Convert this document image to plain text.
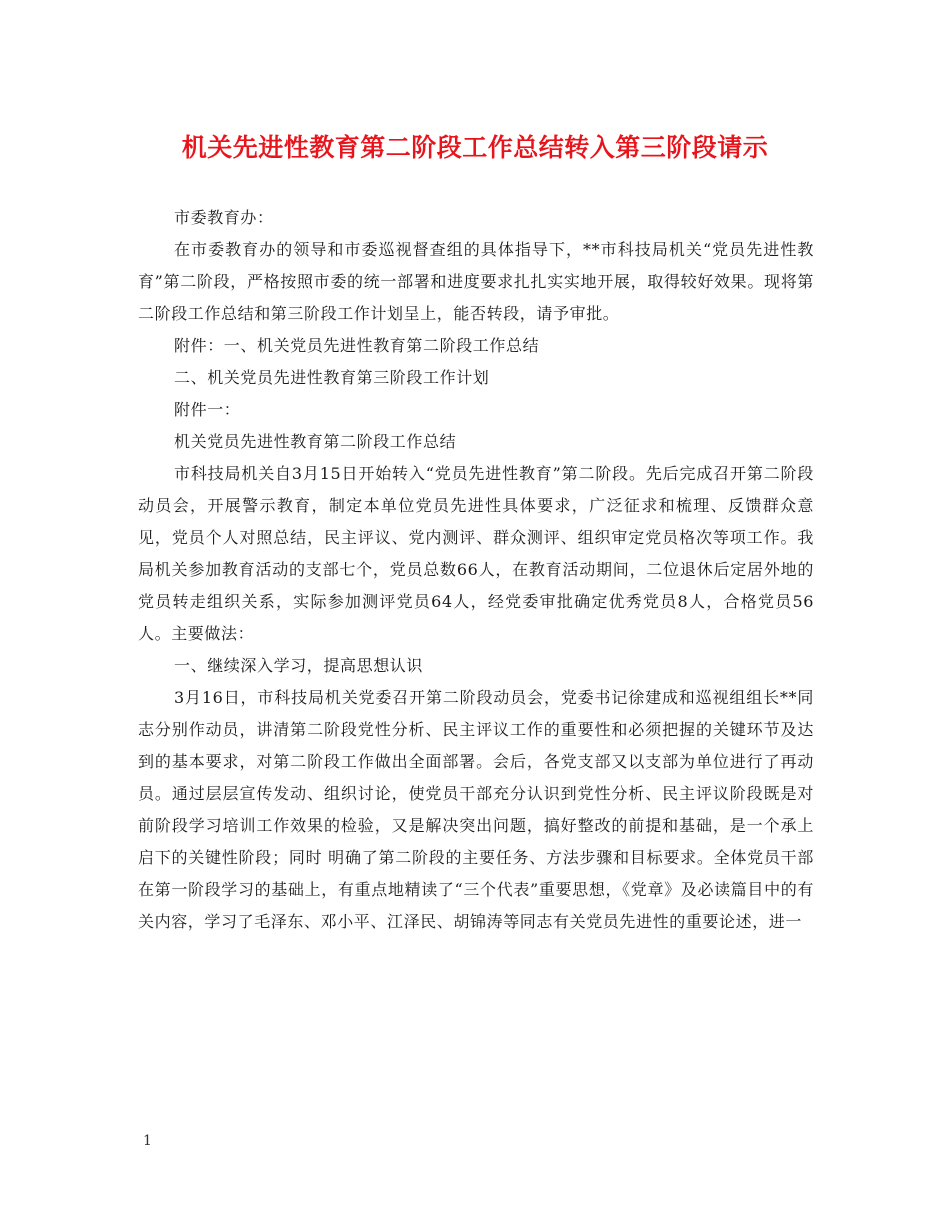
机关先进性教育第二阶段工作总结转入第三阶段请示

市委教育办：

在市委教育办的领导和市委巡视督查组的具体指导下，**市科技局机关“党员先进性教育”第二阶段，严格按照市委的统一部署和进度要求扎扎实实地开展，取得较好效果。现将第二阶段工作总结和第三阶段工作计划呈上，能否转段，请予审批。

附件：一、机关党员先进性教育第二阶段工作总结

二、机关党员先进性教育第三阶段工作计划

附件一：

机关党员先进性教育第二阶段工作总结

市科技局机关自3月15日开始转入“党员先进性教育”第二阶段。先后完成召开第二阶段动员会，开展警示教育，制定本单位党员先进性具体要求，广泛征求和梳理、反馈群众意见，党员个人对照总结，民主评议、党内测评、群众测评、组织审定党员格次等项工作。我局机关参加教育活动的支部七个，党员总数66人，在教育活动期间，二位退休后定居外地的党员转走组织关系，实际参加测评党员64人，经党委审批确定优秀党员8人，合格党员56人。主要做法：

一、继续深入学习，提高思想认识

3月16日，市科技局机关党委召开第二阶段动员会，党委书记徐建成和巡视组组长**同志分别作动员，讲清第二阶段党性分析、民主评议工作的重要性和必须把握的关键环节及达到的基本要求，对第二阶段工作做出全面部署。会后，各党支部又以支部为单位进行了再动员。通过层层宣传发动、组织讨论，使党员干部充分认识到党性分析、民主评议阶段既是对前阶段学习培训工作效果的检验，又是解决突出问题，搞好整改的前提和基础，是一个承上启下的关键性阶段；同时 明确了第二阶段的主要任务、方法步骤和目标要求。全体党员干部在第一阶段学习的基础上，有重点地精读了“三个代表”重要思想，《党章》及必读篇目中的有关内容，学习了毛泽东、邓小平、江泽民、胡锦涛等同志有关党员先进性的重要论述，进一

1
